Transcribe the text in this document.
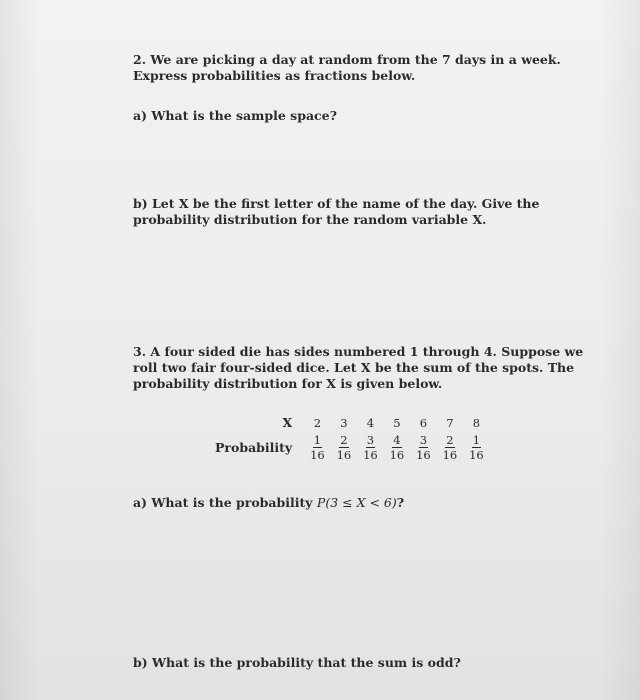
2. We are picking a day at random from the 7 days in a week.
Express probabilities as fractions below.
a) What is the sample space?
b) Let X be the first letter of the name of the day. Give the
probability distribution for the random variable X.
3. A four sided die has sides numbered 1 through 4. Suppose we
roll two fair four-sided dice. Let X be the sum of the spots. The
probability distribution for X is given below.
X	2	3	4	5	6	7	8
Probability	$\frac{1}{16}$	$\frac{2}{16}$	$\frac{3}{16}$	$\frac{4}{16}$	$\frac{3}{16}$	$\frac{2}{16}$	$\frac{1}{16}$
a) What is the probability P(3 ≤ X < 6)?
b) What is the probability that the sum is odd?
